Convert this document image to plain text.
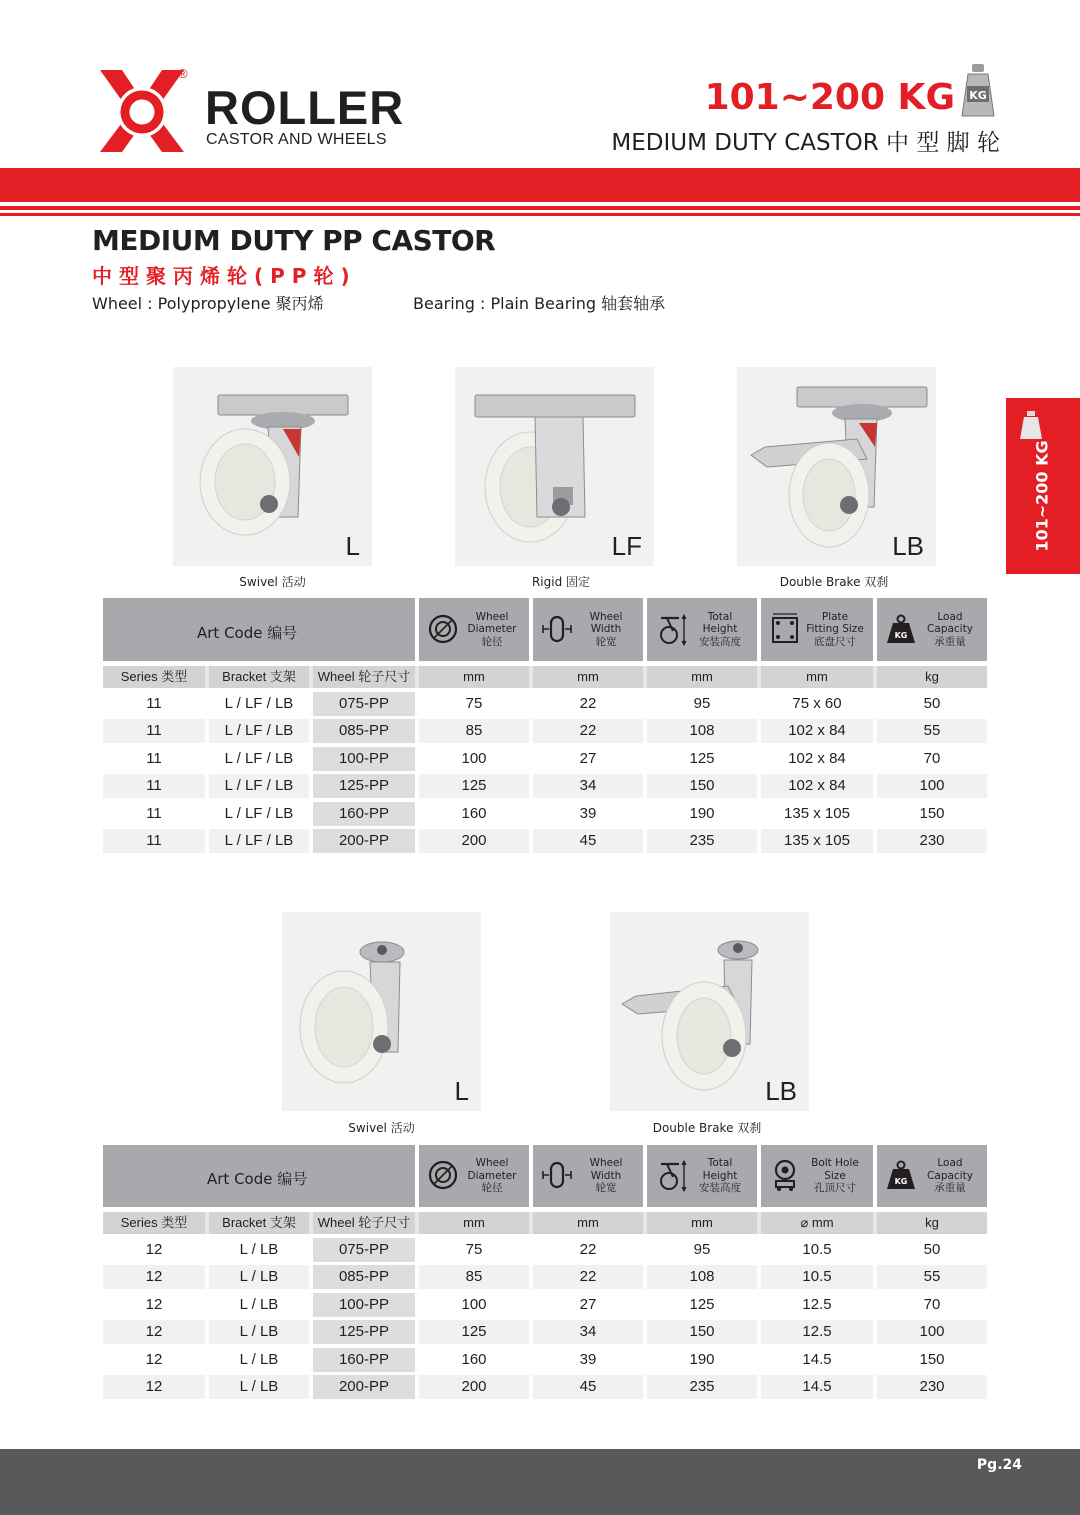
®
ROLLER
CASTOR AND WHEELS
101~200 KG KG
MEDIUM DUTY CASTOR 中 型 脚 轮
MEDIUM DUTY PP CASTOR
中型聚丙烯轮(PP轮)
Wheel : Polypropylene 聚丙烯	Bearing : Plain Bearing 轴套轴承
101~200 KG
L	LF	LB
Swivel 活动	Rigid 固定	Double Brake 双刹
Art Code 编号
Wheel
Diameter
轮径
Wheel
Width
轮宽
Total
Height
安装高度
Plate
Fitting Size
底盘尺寸
KG
Load
Capacity
承重量
Series 类型	Bracket 支架	Wheel 轮子尺寸	mm	mm	mm	mm	kg
11	L / LF / LB	075-PP	75	22	95	75 x 60	50
11	L / LF / LB	085-PP	85	22	108	102 x 84	55
11	L / LF / LB	100-PP	100	27	125	102 x 84	70
11	L / LF / LB	125-PP	125	34	150	102 x 84	100
11	L / LF / LB	160-PP	160	39	190	135 x 105	150
11	L / LF / LB	200-PP	200	45	235	135 x 105	230
L	LB
Swivel 活动	Double Brake 双刹
Art Code 编号
Wheel
Diameter
轮径
Wheel
Width
轮宽
Total
Height
安装高度
Bolt Hole
Size
孔顶尺寸
KG
Load
Capacity
承重量
Series 类型	Bracket 支架	Wheel 轮子尺寸	mm	mm	mm	⌀ mm	kg
12	L / LB	075-PP	75	22	95	10.5	50
12	L / LB	085-PP	85	22	108	10.5	55
12	L / LB	100-PP	100	27	125	12.5	70
12	L / LB	125-PP	125	34	150	12.5	100
12	L / LB	160-PP	160	39	190	14.5	150
12	L / LB	200-PP	200	45	235	14.5	230
Pg.24
